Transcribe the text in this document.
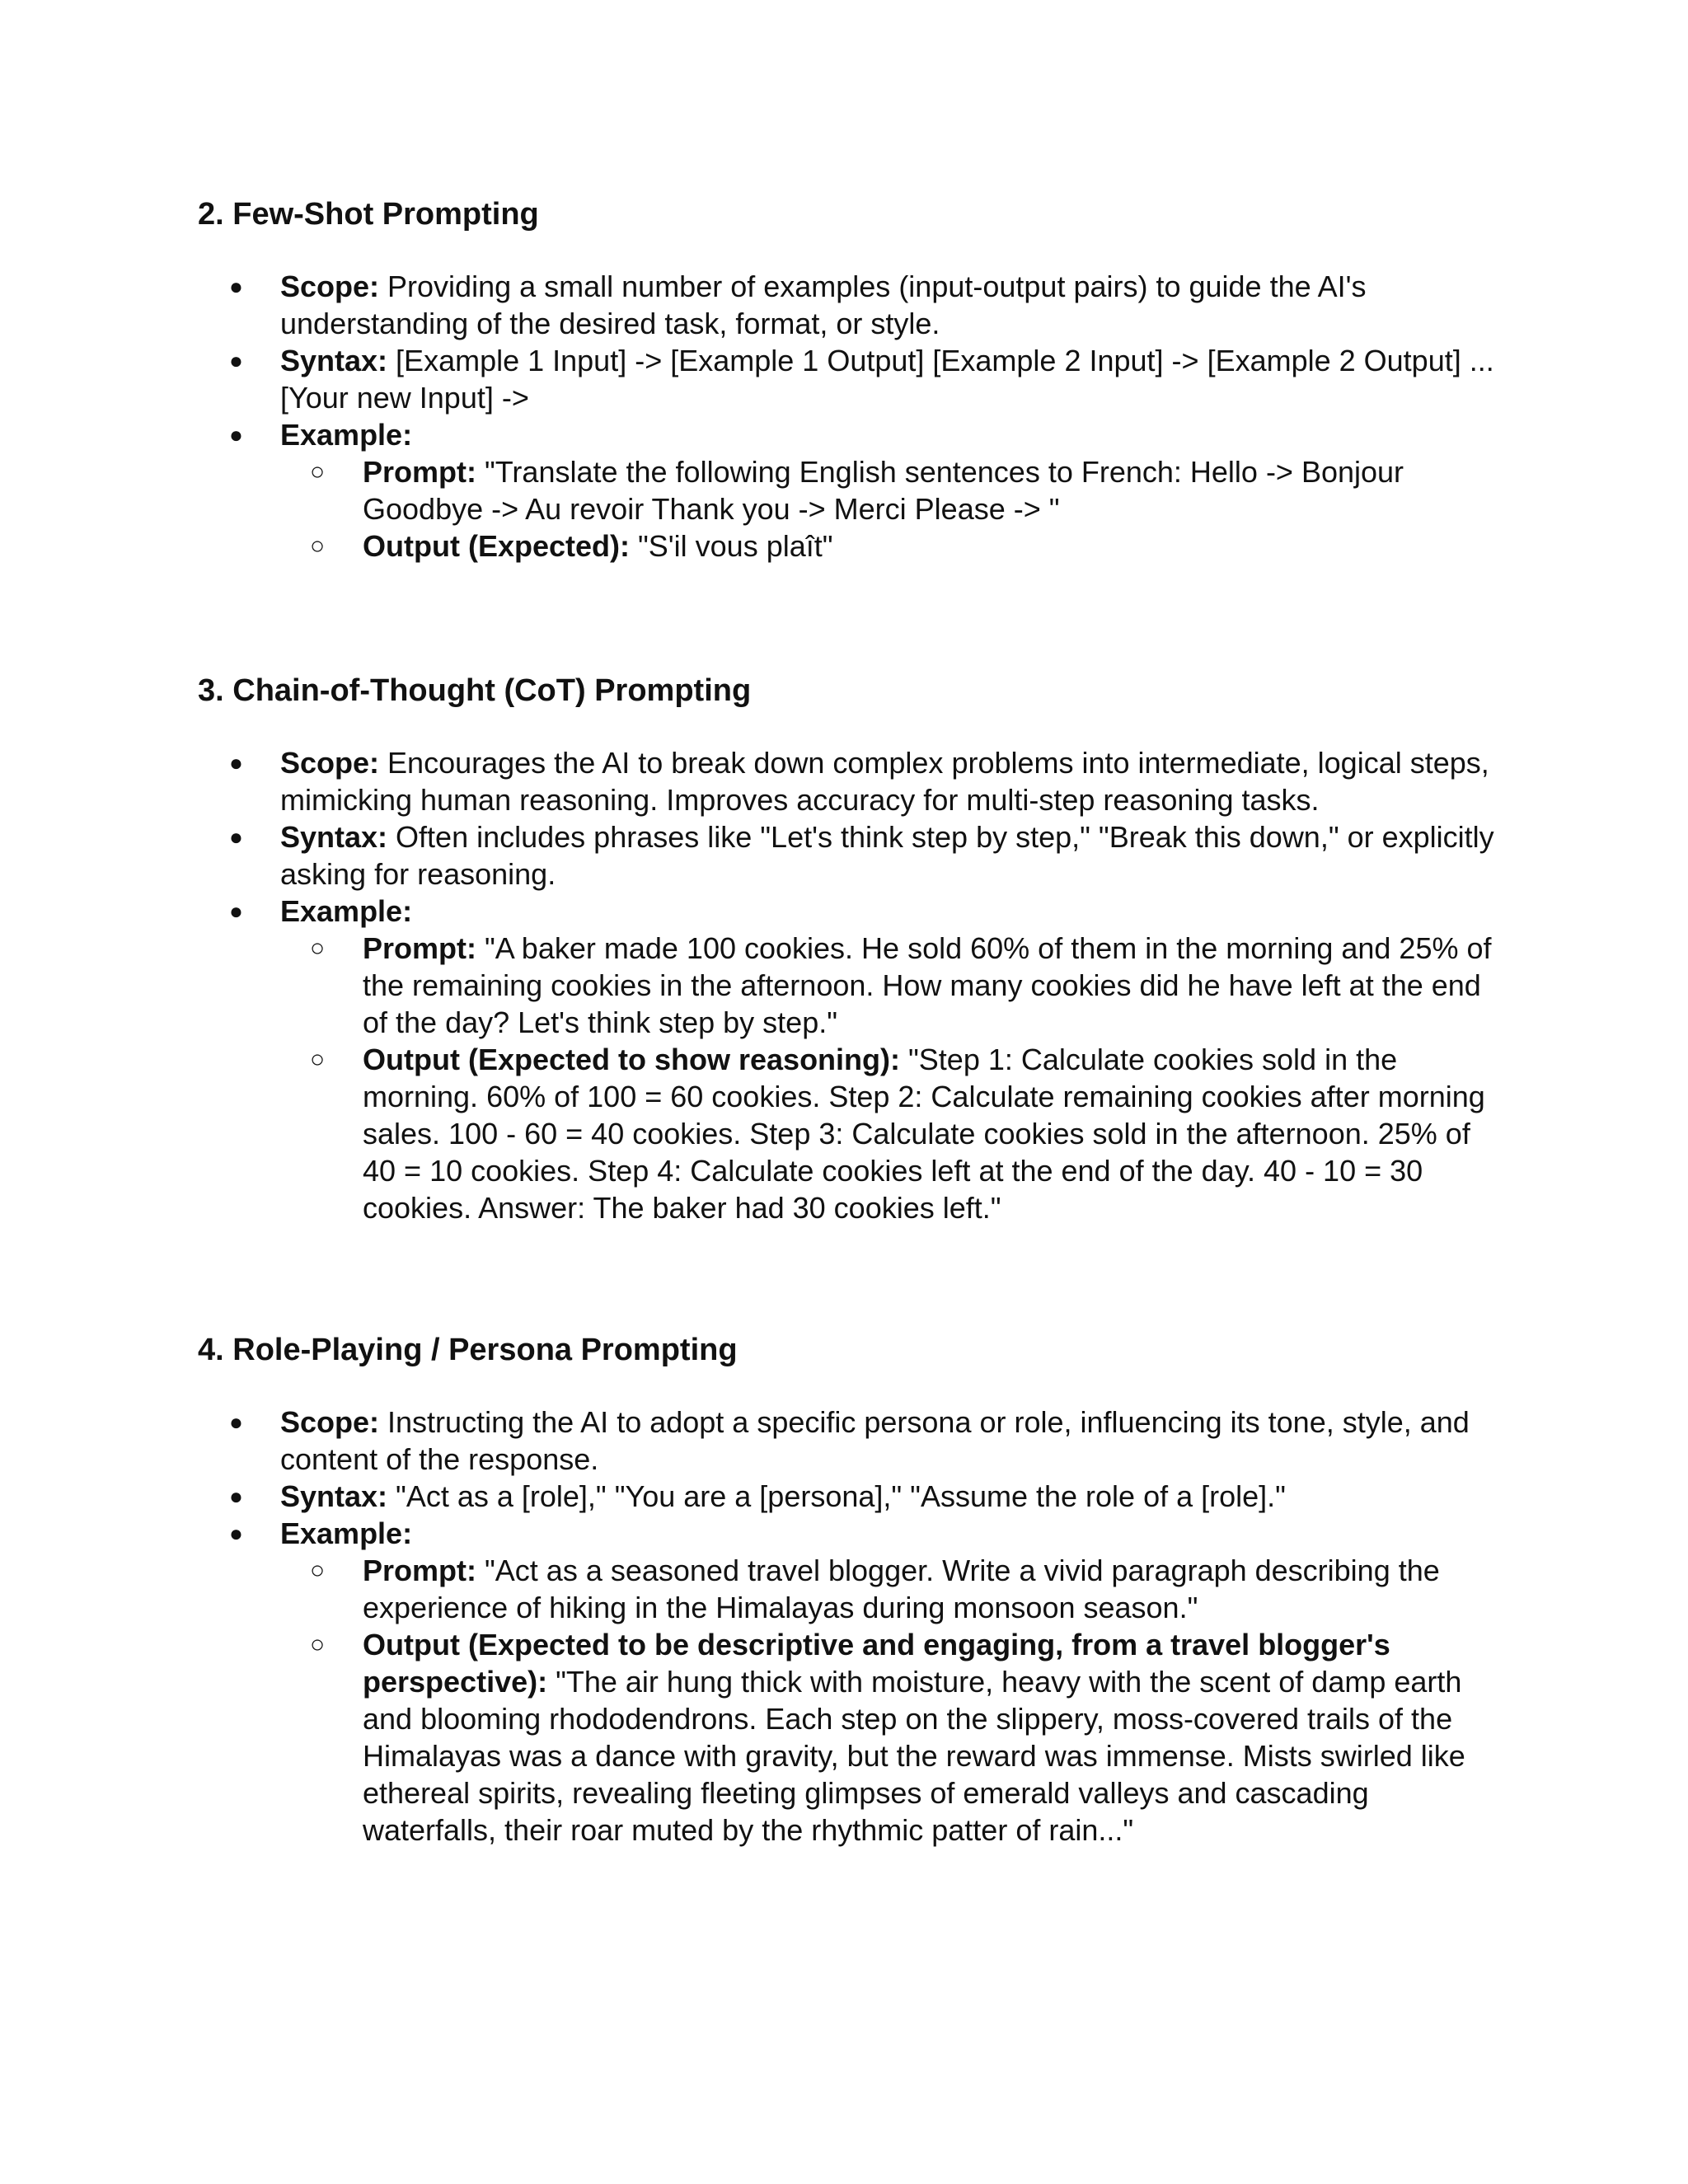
2. Few-Shot Prompting
● Scope: Providing a small number of examples (input-output pairs) to guide the AI's understanding of the desired task, format, or style.
● Syntax: [Example 1 Input] -> [Example 1 Output] [Example 2 Input] -> [Example 2 Output] ... [Your new Input] ->
● Example:
○ Prompt: "Translate the following English sentences to French: Hello -> Bonjour Goodbye -> Au revoir Thank you -> Merci Please -> "
○ Output (Expected): "S'il vous plaît"
3. Chain-of-Thought (CoT) Prompting
● Scope: Encourages the AI to break down complex problems into intermediate, logical steps, mimicking human reasoning. Improves accuracy for multi-step reasoning tasks.
● Syntax: Often includes phrases like "Let's think step by step," "Break this down," or explicitly asking for reasoning.
● Example:
○ Prompt: "A baker made 100 cookies. He sold 60% of them in the morning and 25% of the remaining cookies in the afternoon. How many cookies did he have left at the end of the day? Let's think step by step."
○ Output (Expected to show reasoning): "Step 1: Calculate cookies sold in the morning. 60% of 100 = 60 cookies. Step 2: Calculate remaining cookies after morning sales. 100 - 60 = 40 cookies. Step 3: Calculate cookies sold in the afternoon. 25% of 40 = 10 cookies. Step 4: Calculate cookies left at the end of the day. 40 - 10 = 30 cookies. Answer: The baker had 30 cookies left."
4. Role-Playing / Persona Prompting
● Scope: Instructing the AI to adopt a specific persona or role, influencing its tone, style, and content of the response.
● Syntax: "Act as a [role]," "You are a [persona]," "Assume the role of a [role]."
● Example:
○ Prompt: "Act as a seasoned travel blogger. Write a vivid paragraph describing the experience of hiking in the Himalayas during monsoon season."
○ Output (Expected to be descriptive and engaging, from a travel blogger's perspective): "The air hung thick with moisture, heavy with the scent of damp earth and blooming rhododendrons. Each step on the slippery, moss-covered trails of the Himalayas was a dance with gravity, but the reward was immense. Mists swirled like ethereal spirits, revealing fleeting glimpses of emerald valleys and cascading waterfalls, their roar muted by the rhythmic patter of rain..."
